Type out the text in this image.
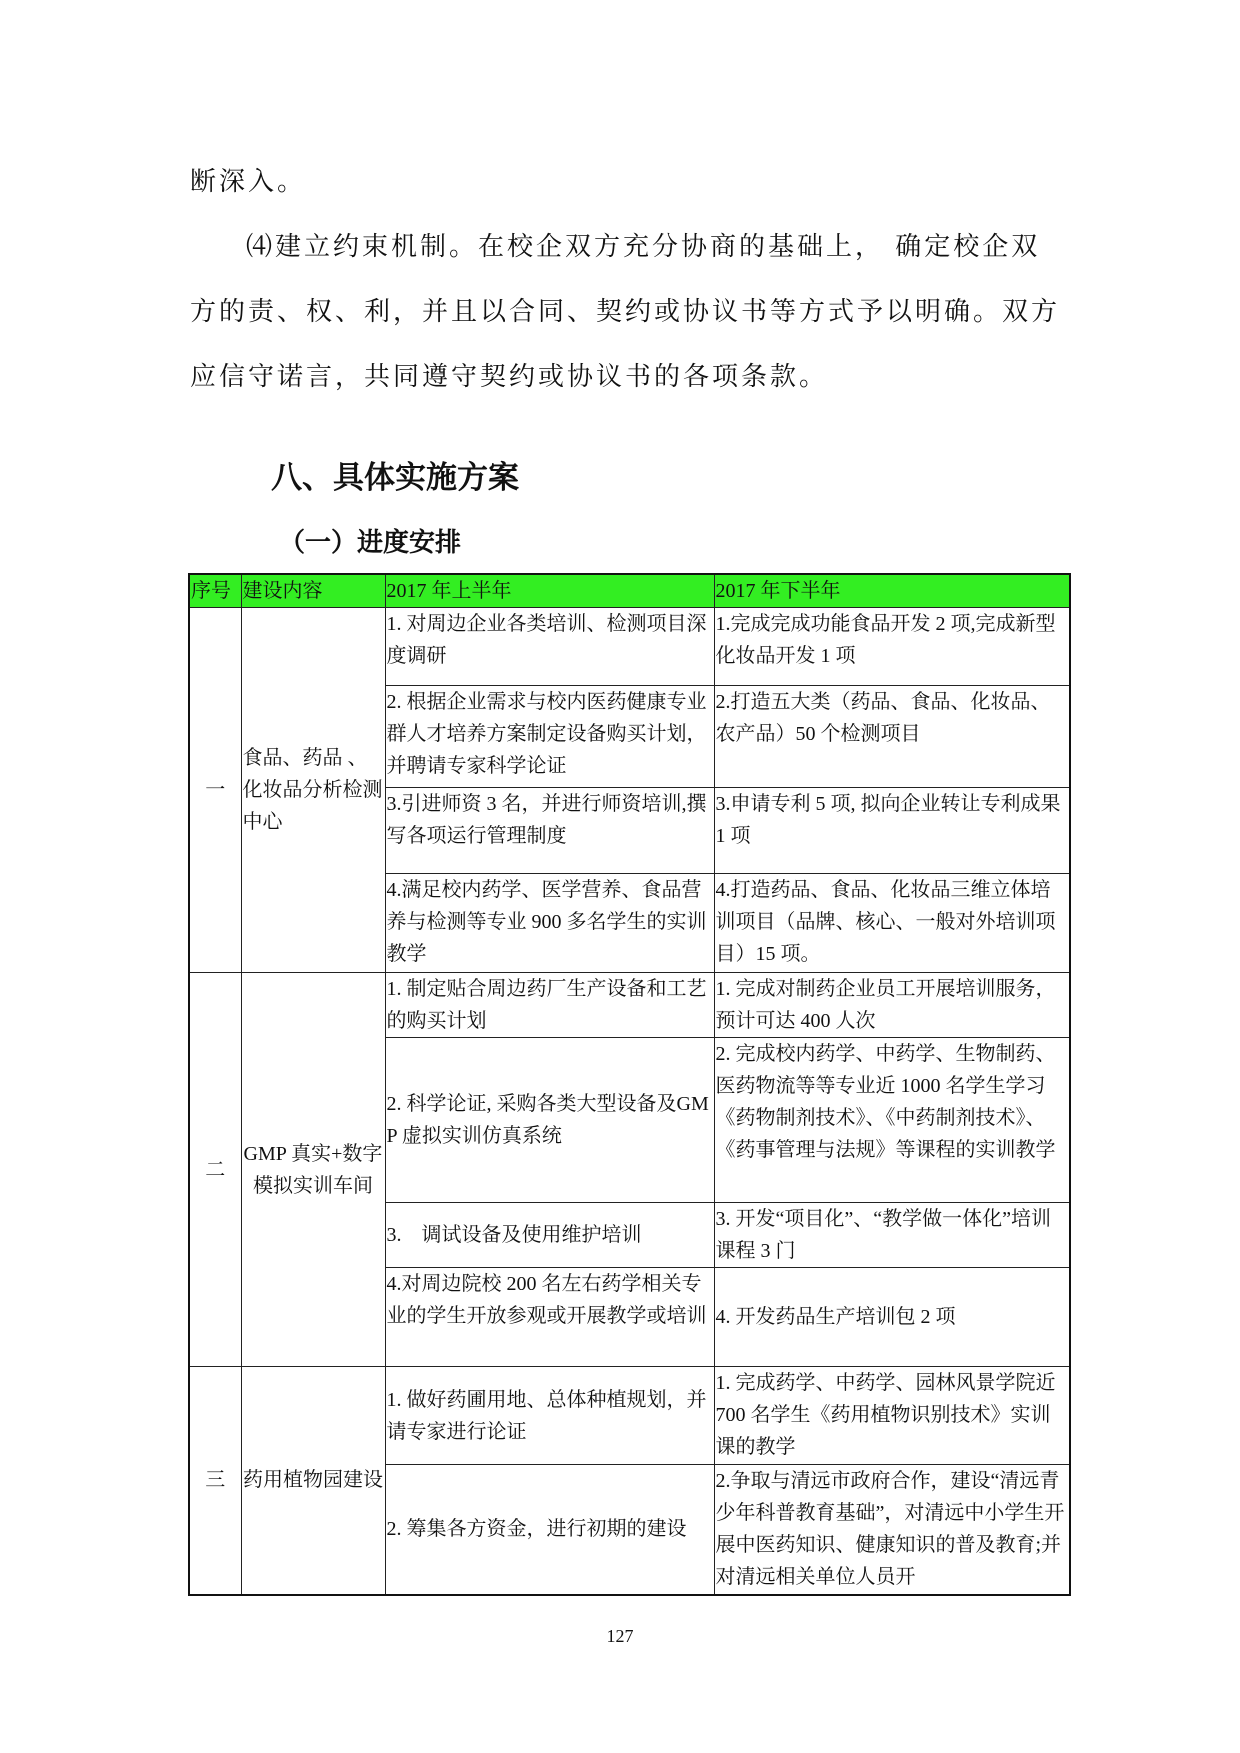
断深入。
⑷建立约束机制。在校企双方充分协商的基础上， 确定校企双方的责、权、利，并且以合同、契约或协议书等方式予以明确。双方应信守诺言，共同遵守契约或协议书的各项条款。
八、具体实施方案
（一）进度安排
序号	建设内容	2017 年上半年	2017 年下半年
一	食品、药品 、化妆品分析检测中心	1. 对周边企业各类培训、检测项目深度调研	1.完成完成功能食品开发 2 项,完成新型化妆品开发 1 项
		2. 根据企业需求与校内医药健康专业群人才培养方案制定设备购买计划，并聘请专家科学论证	2.打造五大类（药品、食品、化妆品、农产品）50 个检测项目
		3.引进师资 3 名，并进行师资培训,撰写各项运行管理制度	3.申请专利 5 项, 拟向企业转让专利成果 1 项
		4.满足校内药学、医学营养、食品营养与检测等专业 900 多名学生的实训教学	4.打造药品、食品、化妆品三维立体培训项目（品牌、核心、一般对外培训项目）15 项。
二	GMP 真实+数字模拟实训车间	1. 制定贴合周边药厂生产设备和工艺的购买计划	1. 完成对制药企业员工开展培训服务，预计可达 400 人次
		2. 科学论证, 采购各类大型设备及GMP 虚拟实训仿真系统	2. 完成校内药学、中药学、生物制药、医药物流等等专业近 1000 名学生学习《药物制剂技术》、《中药制剂技术》、《药事管理与法规》等课程的实训教学
		3.　调试设备及使用维护培训	3. 开发“项目化”、“教学做一体化”培训课程 3 门
		4.对周边院校 200 名左右药学相关专业的学生开放参观或开展教学或培训	4. 开发药品生产培训包 2 项
三	药用植物园建设	1. 做好药圃用地、总体种植规划，并请专家进行论证	1. 完成药学、中药学、园林风景学院近 700 名学生《药用植物识别技术》实训课的教学
		2. 筹集各方资金，进行初期的建设	2.争取与清远市政府合作，建设“清远青少年科普教育基础”，对清远中小学生开展中医药知识、健康知识的普及教育;并对清远相关单位人员开
127
